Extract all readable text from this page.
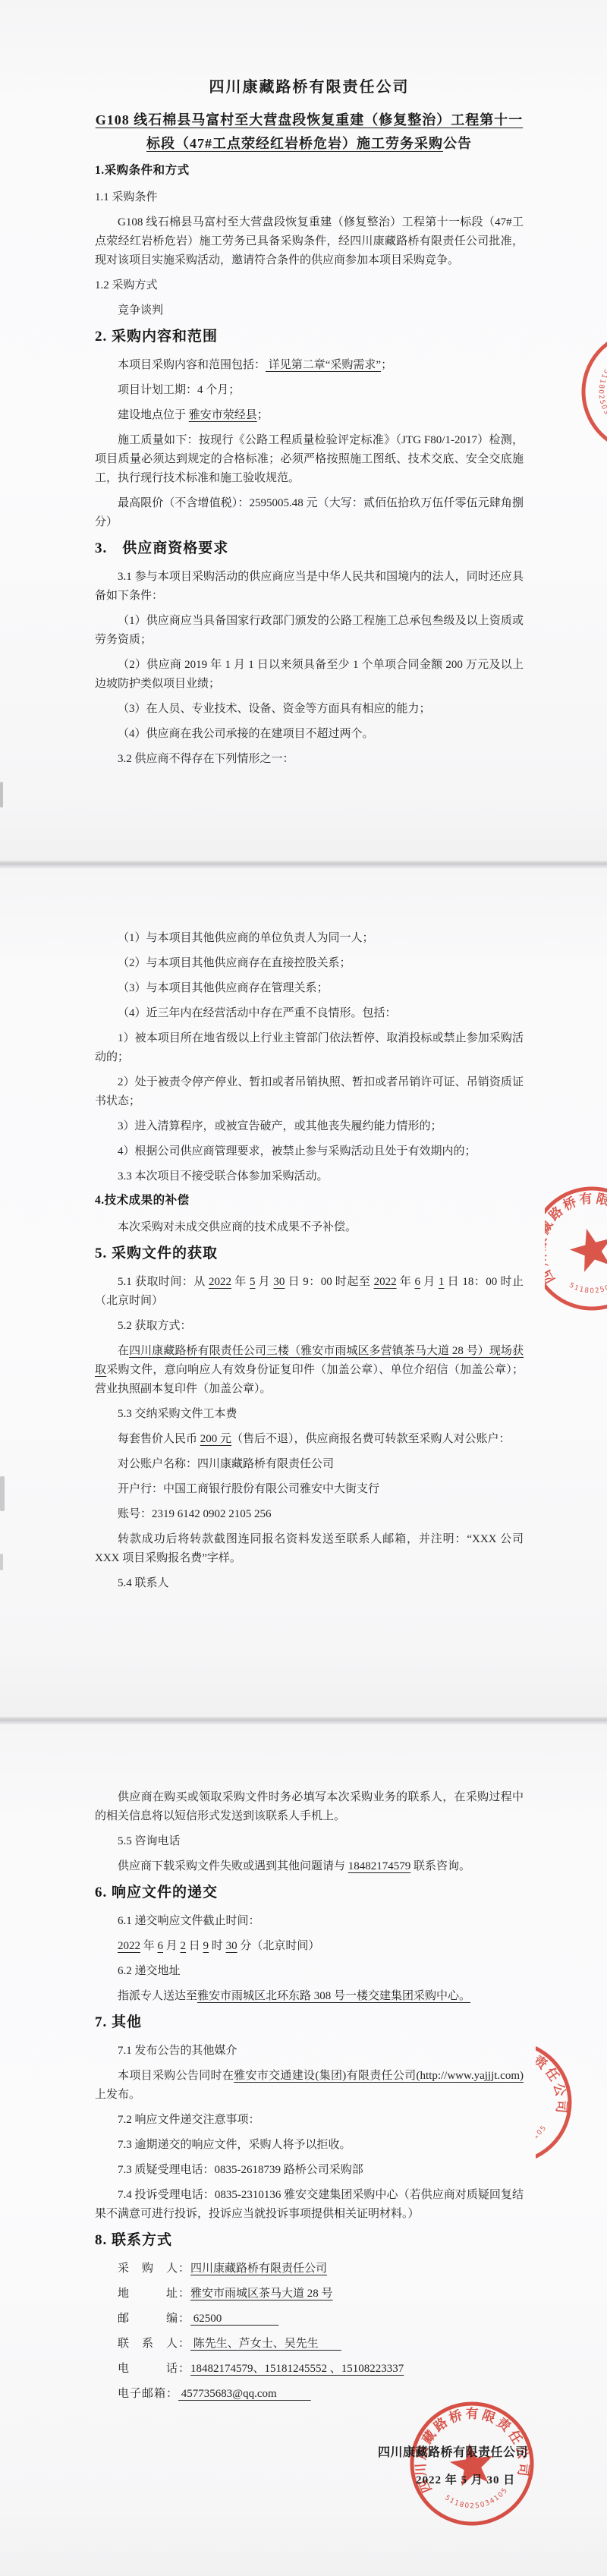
四川康藏路桥有限责任公司
G108 线石棉县马富村至大营盘段恢复重建（修复整治）工程第十一标段（47#工点荥经红岩桥危岩）施工劳务采购公告
1.采购条件和方式
1.1 采购条件
G108 线石棉县马富村至大营盘段恢复重建（修复整治）工程第十一标段（47#工点荥经红岩桥危岩）施工劳务已具备采购条件，经四川康藏路桥有限责任公司批准，现对该项目实施采购活动，邀请符合条件的供应商参加本项目采购竞争。
1.2 采购方式
竞争谈判
2. 采购内容和范围
本项目采购内容和范围包括： 详见第二章“采购需求”；
项目计划工期：4 个月；
建设地点位于 雅安市荥经县；
施工质量如下：按现行《公路工程质量检验评定标准》（JTG F80/1-2017）检测，项目质量必须达到规定的合格标准；必须严格按照施工图纸、技术交底、安全交底施工，执行现行技术标准和施工验收规范。
最高限价（不含增值税）：2595005.48 元（大写：贰佰伍拾玖万伍仟零伍元肆角捌分）
3.　供应商资格要求
3.1 参与本项目采购活动的供应商应当是中华人民共和国境内的法人，同时还应具备如下条件：
（1）供应商应当具备国家行政部门颁发的公路工程施工总承包叁级及以上资质或劳务资质；
（2）供应商 2019 年 1 月 1 日以来须具备至少 1 个单项合同金额 200 万元及以上边坡防护类似项目业绩；
（3）在人员、专业技术、设备、资金等方面具有相应的能力；
（4）供应商在我公司承接的在建项目不超过两个。
3.2 供应商不得存在下列情形之一：
（1）与本项目其他供应商的单位负责人为同一人；
（2）与本项目其他供应商存在直接控股关系；
（3）与本项目其他供应商存在管理关系；
（4）近三年内在经营活动中存在严重不良情形。包括：
1）被本项目所在地省级以上行业主管部门依法暂停、取消投标或禁止参加采购活动的；
2）处于被责令停产停业、暂扣或者吊销执照、暂扣或者吊销许可证、吊销资质证书状态；
3）进入清算程序，或被宣告破产，或其他丧失履约能力情形的；
4）根据公司供应商管理要求，被禁止参与采购活动且处于有效期内的；
3.3 本次项目不接受联合体参加采购活动。
4.技术成果的补偿
本次采购对未成交供应商的技术成果不予补偿。
5. 采购文件的获取
5.1 获取时间：从 2022 年 5 月 30 日 9：00 时起至 2022 年 6 月 1 日 18：00 时止（北京时间）
5.2 获取方式：
在四川康藏路桥有限责任公司三楼（雅安市雨城区多营镇茶马大道 28 号）现场获取采购文件，意向响应人有效身份证复印件（加盖公章）、单位介绍信（加盖公章）； 营业执照副本复印件（加盖公章）。
5.3 交纳采购文件工本费
每套售价人民币 200 元（售后不退），供应商报名费可转款至采购人对公账户：
对公账户名称：四川康藏路桥有限责任公司
开户行：中国工商银行股份有限公司雅安中大街支行
账号：2319 6142 0902 2105 256
转款成功后将转款截图连同报名资料发送至联系人邮箱，并注明：“XXX 公司 XXX 项目采购报名费”字样。
5.4 联系人
供应商在购买或领取采购文件时务必填写本次采购业务的联系人，在采购过程中的相关信息将以短信形式发送到该联系人手机上。
5.5 咨询电话
供应商下载采购文件失败或遇到其他问题请与 18482174579 联系咨询。
6. 响应文件的递交
6.1 递交响应文件截止时间：
2022 年 6 月 2 日 9 时 30 分（北京时间）
6.2 递交地址
指派专人送达至雅安市雨城区北环东路 308 号一楼交建集团采购中心。
7. 其他
7.1 发布公告的其他媒介
本项目采购公告同时在雅安市交通建设(集团)有限责任公司(http://www.yajjjt.com)上发布。
7.2 响应文件递交注意事项：
7.3 逾期递交的响应文件，采购人将予以拒收。
7.3 质疑受理电话：0835-2618739 路桥公司采购部
7.4 投诉受理电话：0835-2310136 雅安交建集团采购中心（若供应商对质疑回复结果不满意可进行投诉，投诉应当就投诉事项提供相关证明材料。）
8. 联系方式
采　购　人：四川康藏路桥有限责任公司
地　　　址：雅安市雨城区茶马大道 28 号
邮　　　编： 62500　　　　　
联　系　人： 陈先生、芦女士、吴先生　　
电　　　话：18482174579、15181245552 、15108223337
电子邮箱： 457735683@qq.com　　　
四川康藏路桥有限责任公司
2022 年 5 月 30 日
